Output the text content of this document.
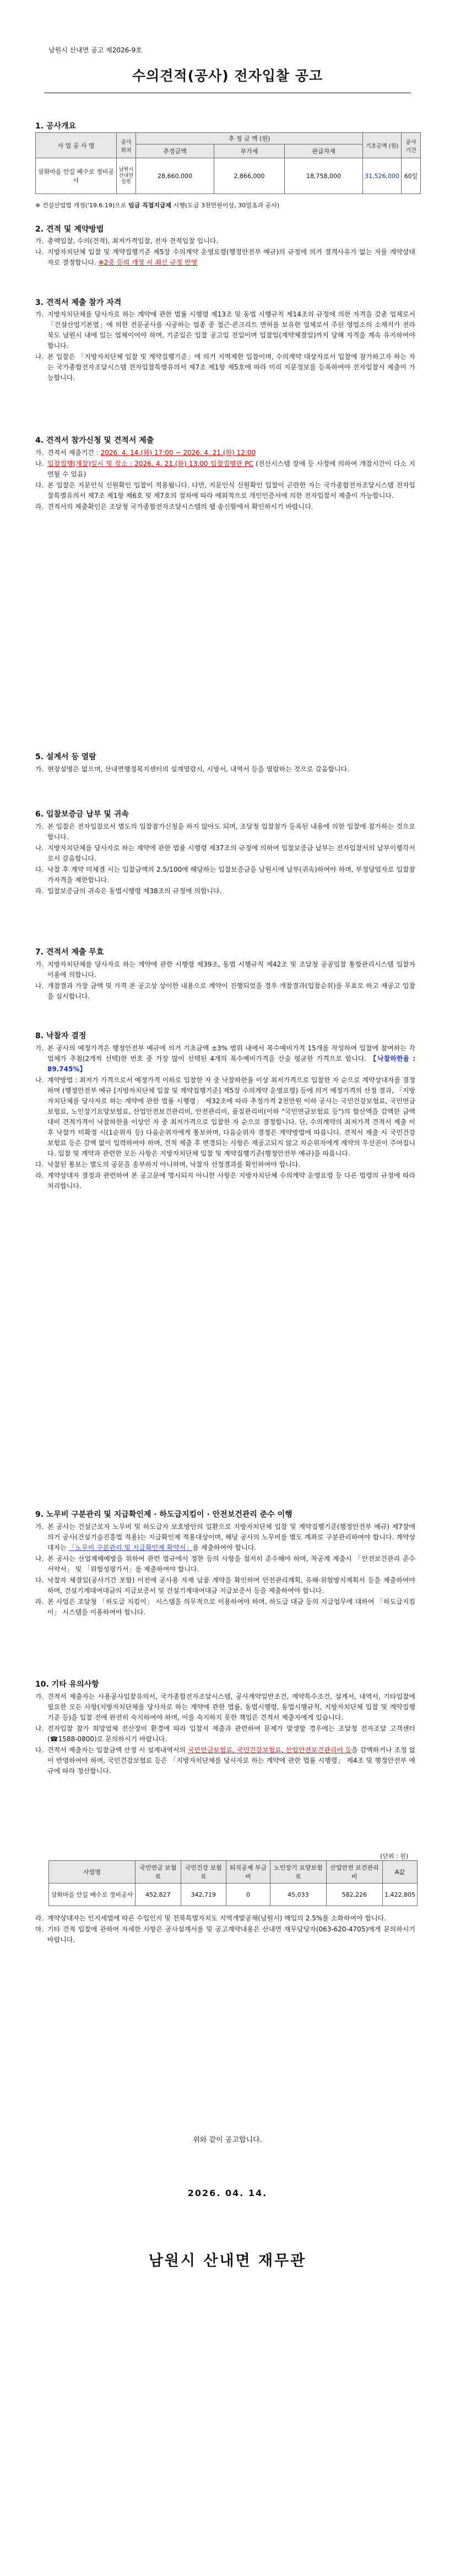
남원시 산내면 공고 제2026-9호
수의견적(공사) 전자입찰 공고
1. 공사개요
사 업 공 사 명	공사위치	추 정 금 액 (원)			기초금액 (원)	공사 기간
		추정금액	부가세	관급자재		
삼화마을 안길 배수로 정비공사	남원시 산내면 일원	28,660,000	2,866,000	18,758,000	31,526,000	60일
※ 건설산업법 개정('19.6.19)으로 임금 직접지급제 시행(도급 3천만원이상, 30일초과 공사)
2. 견적 및 계약방법
가. 총액입찰, 수의(견적), 최저가격입찰, 전자 견적입찰 입니다.
나. 지방자치단체 입찰 및 계약집행기준 제5장 수의계약 운영요령(행정안전부 예규)의 규정에 의거 결격사유가 없는 자를 계약상대자로 결정합니다. ※2중 등의 개정 시 최신 규정 반영
3. 견적서 제출 참가 자격
가. 지방자치단체를 당사자로 하는 계약에 관한 법률 시행령 제13조 및 동법 시행규칙 제14조의 규정에 의한 자격을 갖춘 업체로서 「건설산업기본법」에 의한 전문공사를 시공하는 업종 중 철근·콘크리트 면허를 보유한 업체로서 주된 영업소의 소재지가 전라북도 남원시 내에 있는 업체이어야 하며, 기준일은 입찰 공고일 전일이며 입찰일(계약체결일)까지 당해 자격을 계속 유지하여야 합니다.
나. 본 입찰은 「지방자치단체 입찰 및 계약집행기준」에 의거 지역제한 입찰이며, 수의계약 대상자로서 입찰에 참가하고자 하는 자는 국가종합전자조달시스템 전자입찰특별유의서 제7조 제1항 제5호에 따라 미리 지문정보를 등록하여야 전자입찰서 제출이 가능합니다.
4. 견적서 참가신청 및 견적서 제출
가. 견적서 제출기간 : 2026. 4. 14.(화) 17:00 ~ 2026. 4. 21.(화) 12:00
나. 입찰집행(개찰)일시 및 장소 : 2026. 4. 21.(화) 13:00 입찰집행관 PC (전산시스템 장애 등 사정에 의하여 개찰시간이 다소 지연될 수 있음)
다. 본 입찰은 지문인식 신원확인 입찰이 적용됩니다. 다만, 지문인식 신원확인 입찰이 곤란한 자는 국가종합전자조달시스템 전자입찰특별유의서 제7조 제1항 제6호 및 제7호의 절차에 따라 예외적으로 개인인증서에 의한 전자입찰서 제출이 가능합니다.
라. 견적서의 제출확인은 조달청 국가종합전자조달시스템의 웹 송신함에서 확인하시기 바랍니다.
5. 설계서 등 열람
가. 현장설명은 없으며, 산내면행정복지센터의 설계열람시, 시방서, 내역서 등을 열람하는 것으로 갈음합니다.
6. 입찰보증금 납부 및 귀속
가. 본 입찰은 전자입찰로서 별도의 입찰참가신청을 하지 않아도 되며, 조달청 입찰참가 등록된 내용에 의한 입찰에 참가하는 것으로 합니다.
나. 지방자치단체를 당사자로 하는 계약에 관한 법률 시행령 제37조의 규정에 의하여 입찰보증금 납부는 전자입찰서의 납부이행각서로서 갈음합니다.
다. 낙찰 후 계약 미체결 시는 입찰금액의 2.5/100에 해당하는 입찰보증금을 남원시에 납부(귀속)하여야 하며, 부정당업자로 입찰참가자격을 제한합니다.
라. 입찰보증금의 귀속은 동법시행령 제38조의 규정에 의합니다.
7. 견적서 제출 무효
가. 지방자치단체를 당사자로 하는 계약에 관한 시행령 제39조, 동법 시행규칙 제42조 및 조달청 공공입찰 통합관리시스템 입찰자 이용에 의합니다.
나. 개찰결과 가장 금액 및 가격 본 공고상 상이한 내용으로 계약이 진행되었을 경우 개찰결과(입찰순위)를 무효로 하고 재공고 입찰을 실시합니다.
8. 낙찰자 결정
가. 본 공사의 예정가격은 행정안전부 예규에 의거 기초금액 ±3% 범위 내에서 복수예비가격 15개를 작성하여 입찰에 참여하는 각 업체가 추첨(2개씩 선택)한 번호 중 가장 많이 선택된 4개의 복수예비가격을 산술 평균한 가격으로 합니다. 【낙찰하한율 : 89.745%】
나. 계약방법 : 최저가 가격으로서 예정가격 이하로 입찰한 자 중 낙찰하한율 이상 최저가격으로 입찰한 자 순으로 계약상대자를 결정하며 (행정안전부 예규 [지방자치단체 입찰 및 계약집행기준] 제5장 수의계약 운영요령) 등에 의거 예정가격의 산정 결과, 「지방자치단체를 당사자로 하는 계약에 관한 법률 시행령」 제32조에 따라 추정가격 2천만원 이하 공사는 국민건강보험료, 국민연금보험료, 노인장기요양보험료, 산업안전보건관리비, 안전관리비, 품질관리비(이하 "국민연금보험료 등")의 합산액을 감액한 금액 대비 견적가격이 낙찰하한율 이상인 자 중 최저가격으로 입찰한 자 순으로 결정합니다. 단, 수의계약의 최저가격 견적서 제출 이후 낙찰가 미확정 시(1순위자 등) 다음순위자에게 통보하며, 다음순위자 결정은 계약방법에 따릅니다. 견적서 제출 시 국민건강보험료 등은 감액 없이 입력하여야 하며, 견적 제출 후 변경되는 사항은 재공고되지 않고 차순위자에게 계약의 우선권이 주어집니다. 입찰 및 계약과 관련한 모든 사항은 지방자치단체 입찰 및 계약집행기준(행정안전부 예규)을 따릅니다.
다. 낙찰된 통보는 별도의 공문을 송부하지 아니하며, 낙찰자 선정결과를 확인하여야 합니다.
라. 계약상대자 결정과 관련하여 본 공고문에 명시되지 아니한 사항은 지방자치단체 수의계약 운영요령 등 다른 법령의 규정에 따라 처리합니다.
9. 노무비 구분관리 및 지급확인제 · 하도급지킴이 · 안전보건관리 준수 이행
가. 본 공사는 건설근로자 노무비 및 하도급자 보호방안의 일환으로 지방자치단체 입찰 및 계약집행기준(행정안전부 예규) 제7장에 의거 공사(건설기술진흥법 적용)는 지급확인제 적용대상이며, 해당 공사의 노무비를 별도 계좌로 구분관리하여야 합니다. 계약상대자는 「노무비 구분관리 및 지급확인제 확약서」를 제출하여야 합니다.
나. 본 공사는 산업재해예방을 위하여 관련 법규에서 정한 등의 사항을 철저히 준수해야 하며, 착공계 제출시 「안전보건관리 준수 서약서」 및 「위험성평가서」를 제출하여야 합니다.
다. 낙찰자 체결일(공사기간 포함) 이전에 공사용 자재 납품 계약을 확인하여 안전관리계획, 유해·위험방지계획서 등을 제출하여야 하며, 건설기계대여대금의 지급보증서 및 건설기계대여대금 지급보증서 등을 제출하여야 합니다.
라. 본 사업은 조달청 「하도급 지킴이」 시스템을 의무적으로 이용하여야 하며, 하도급 대금 등의 지급업무에 대하여 「하도급지킴이」 시스템을 이용하여야 합니다.
10. 기타 유의사항
가. 견적서 제출자는 사용공사입찰유의서, 국가종합전자조달시스템, 공사계약일반조건, 계약특수조건, 설계서, 내역서, 기타입찰에 필요한 모든 사항(지방자치단체를 당사자로 하는 계약에 관한 법률, 동법시행령, 동법시행규칙, 지방자치단체 입찰 및 계약집행기준 등)을 입찰 전에 완전히 숙지하여야 하며, 이를 숙지하지 못한 책임은 견적서 제출자에게 있습니다.
나. 전자입찰 참가 희망업체 전산장비 환경에 따라 입찰서 제출과 관련하여 문제가 발생할 경우에는 조달청 전자조달 고객센터(☎1588-0800)로 문의하시기 바랍니다.
다. 견적서 제출자는 입찰금액 산정 시 설계내역서의 국민연금보험료, 국민건강보험료, 산업안전보건관리비 등을 감액하거나 조정 없이 반영하여야 하며, 국민건강보험료 등은 「지방자치단체를 당사자로 하는 계약에 관한 법률 시행령」 제4조 및 행정안전부 예규에 따라 정산합니다.
(단위 : 원)
사업명	국민연금 보험료	국민건강 보험료	퇴직공제 부금비	노인장기 요양보험료	산업안전 보건관리비	A값
삼화마을 안길 배수로 정비공사	452,827	342,719	0	45,033	582,226	1,422,805
라. 계약상대자는 인지세법에 따른 수입인지 및 전북특별자치도 지역개발공채(남원시) 매입의 2.5%를 소화하여야 합니다.
마. 기타 견적 입찰에 관하여 자세한 사항은 공사설계서를 및 공고계약내용은 산내면 재무담당자(063-620-4705)에게 문의하시기 바랍니다.
위와 같이 공고합니다.
2026. 04. 14.
남원시 산내면 재무관
